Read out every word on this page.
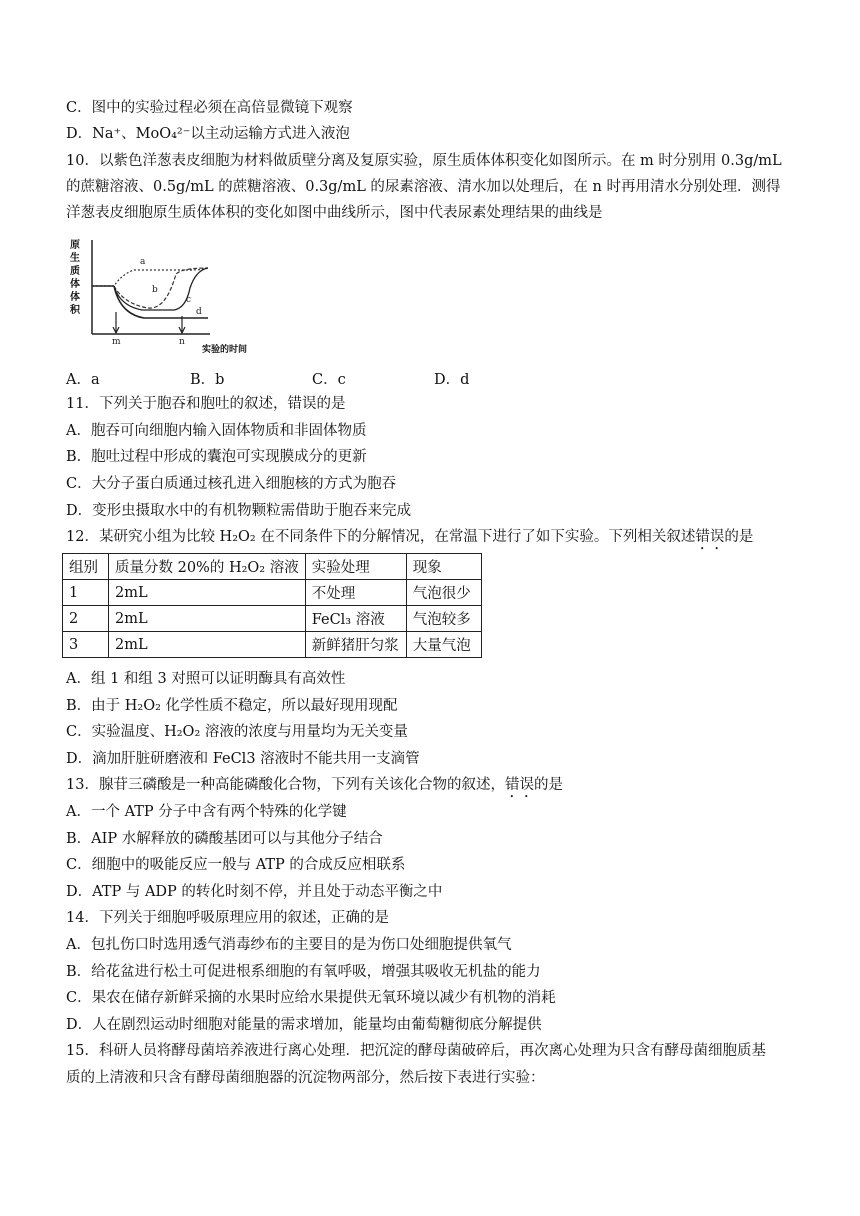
C．图中的实验过程必须在高倍显微镜下观察
D．Na⁺、MoO₄²⁻以主动运输方式进入液泡
10．以紫色洋葱表皮细胞为材料做质壁分离及复原实验，原生质体体积变化如图所示。在 m 时分别用 0.3g/mL
的蔗糖溶液、0.5g/mL 的蔗糖溶液、0.3g/mL 的尿素溶液、清水加以处理后，在 n 时再用清水分别处理．测得
洋葱表皮细胞原生质体体积的变化如图中曲线所示，图中代表尿素处理结果的曲线是
原
生
质
体
体
积
a
b
c
d
m	n
实验的时间
A．a	B．b	C．c	D．d
11．下列关于胞吞和胞吐的叙述，错误的是
A．胞吞可向细胞内输入固体物质和非固体物质
B．胞吐过程中形成的囊泡可实现膜成分的更新
C．大分子蛋白质通过核孔进入细胞核的方式为胞吞
D．变形虫摄取水中的有机物颗粒需借助于胞吞来完成
12．某研究小组为比较 H₂O₂ 在不同条件下的分解情况，在常温下进行了如下实验。下列相关叙述错误的是
组别	质量分数 20%的 H₂O₂ 溶液	实验处理	现象
1	2mL	不处理	气泡很少
2	2mL	FeCl₃ 溶液	气泡较多
3	2mL	新鲜猪肝匀浆	大量气泡
A．组 1 和组 3 对照可以证明酶具有高效性
B．由于 H₂O₂ 化学性质不稳定，所以最好现用现配
C．实验温度、H₂O₂ 溶液的浓度与用量均为无关变量
D．滴加肝脏研磨液和 FeCl3 溶液时不能共用一支滴管
13．腺苷三磷酸是一种高能磷酸化合物，下列有关该化合物的叙述，错误的是
A．一个 ATP 分子中含有两个特殊的化学键
B．AIP 水解释放的磷酸基团可以与其他分子结合
C．细胞中的吸能反应一般与 ATP 的合成反应相联系
D．ATP 与 ADP 的转化时刻不停，并且处于动态平衡之中
14．下列关于细胞呼吸原理应用的叙述，正确的是
A．包扎伤口时选用透气消毒纱布的主要目的是为伤口处细胞提供氧气
B．给花盆进行松土可促进根系细胞的有氧呼吸，增强其吸收无机盐的能力
C．果农在储存新鲜采摘的水果时应给水果提供无氧环境以减少有机物的消耗
D．人在剧烈运动时细胞对能量的需求增加，能量均由葡萄糖彻底分解提供
15．科研人员将酵母菌培养液进行离心处理．把沉淀的酵母菌破碎后，再次离心处理为只含有酵母菌细胞质基
质的上清液和只含有酵母菌细胞器的沉淀物两部分，然后按下表进行实验：
